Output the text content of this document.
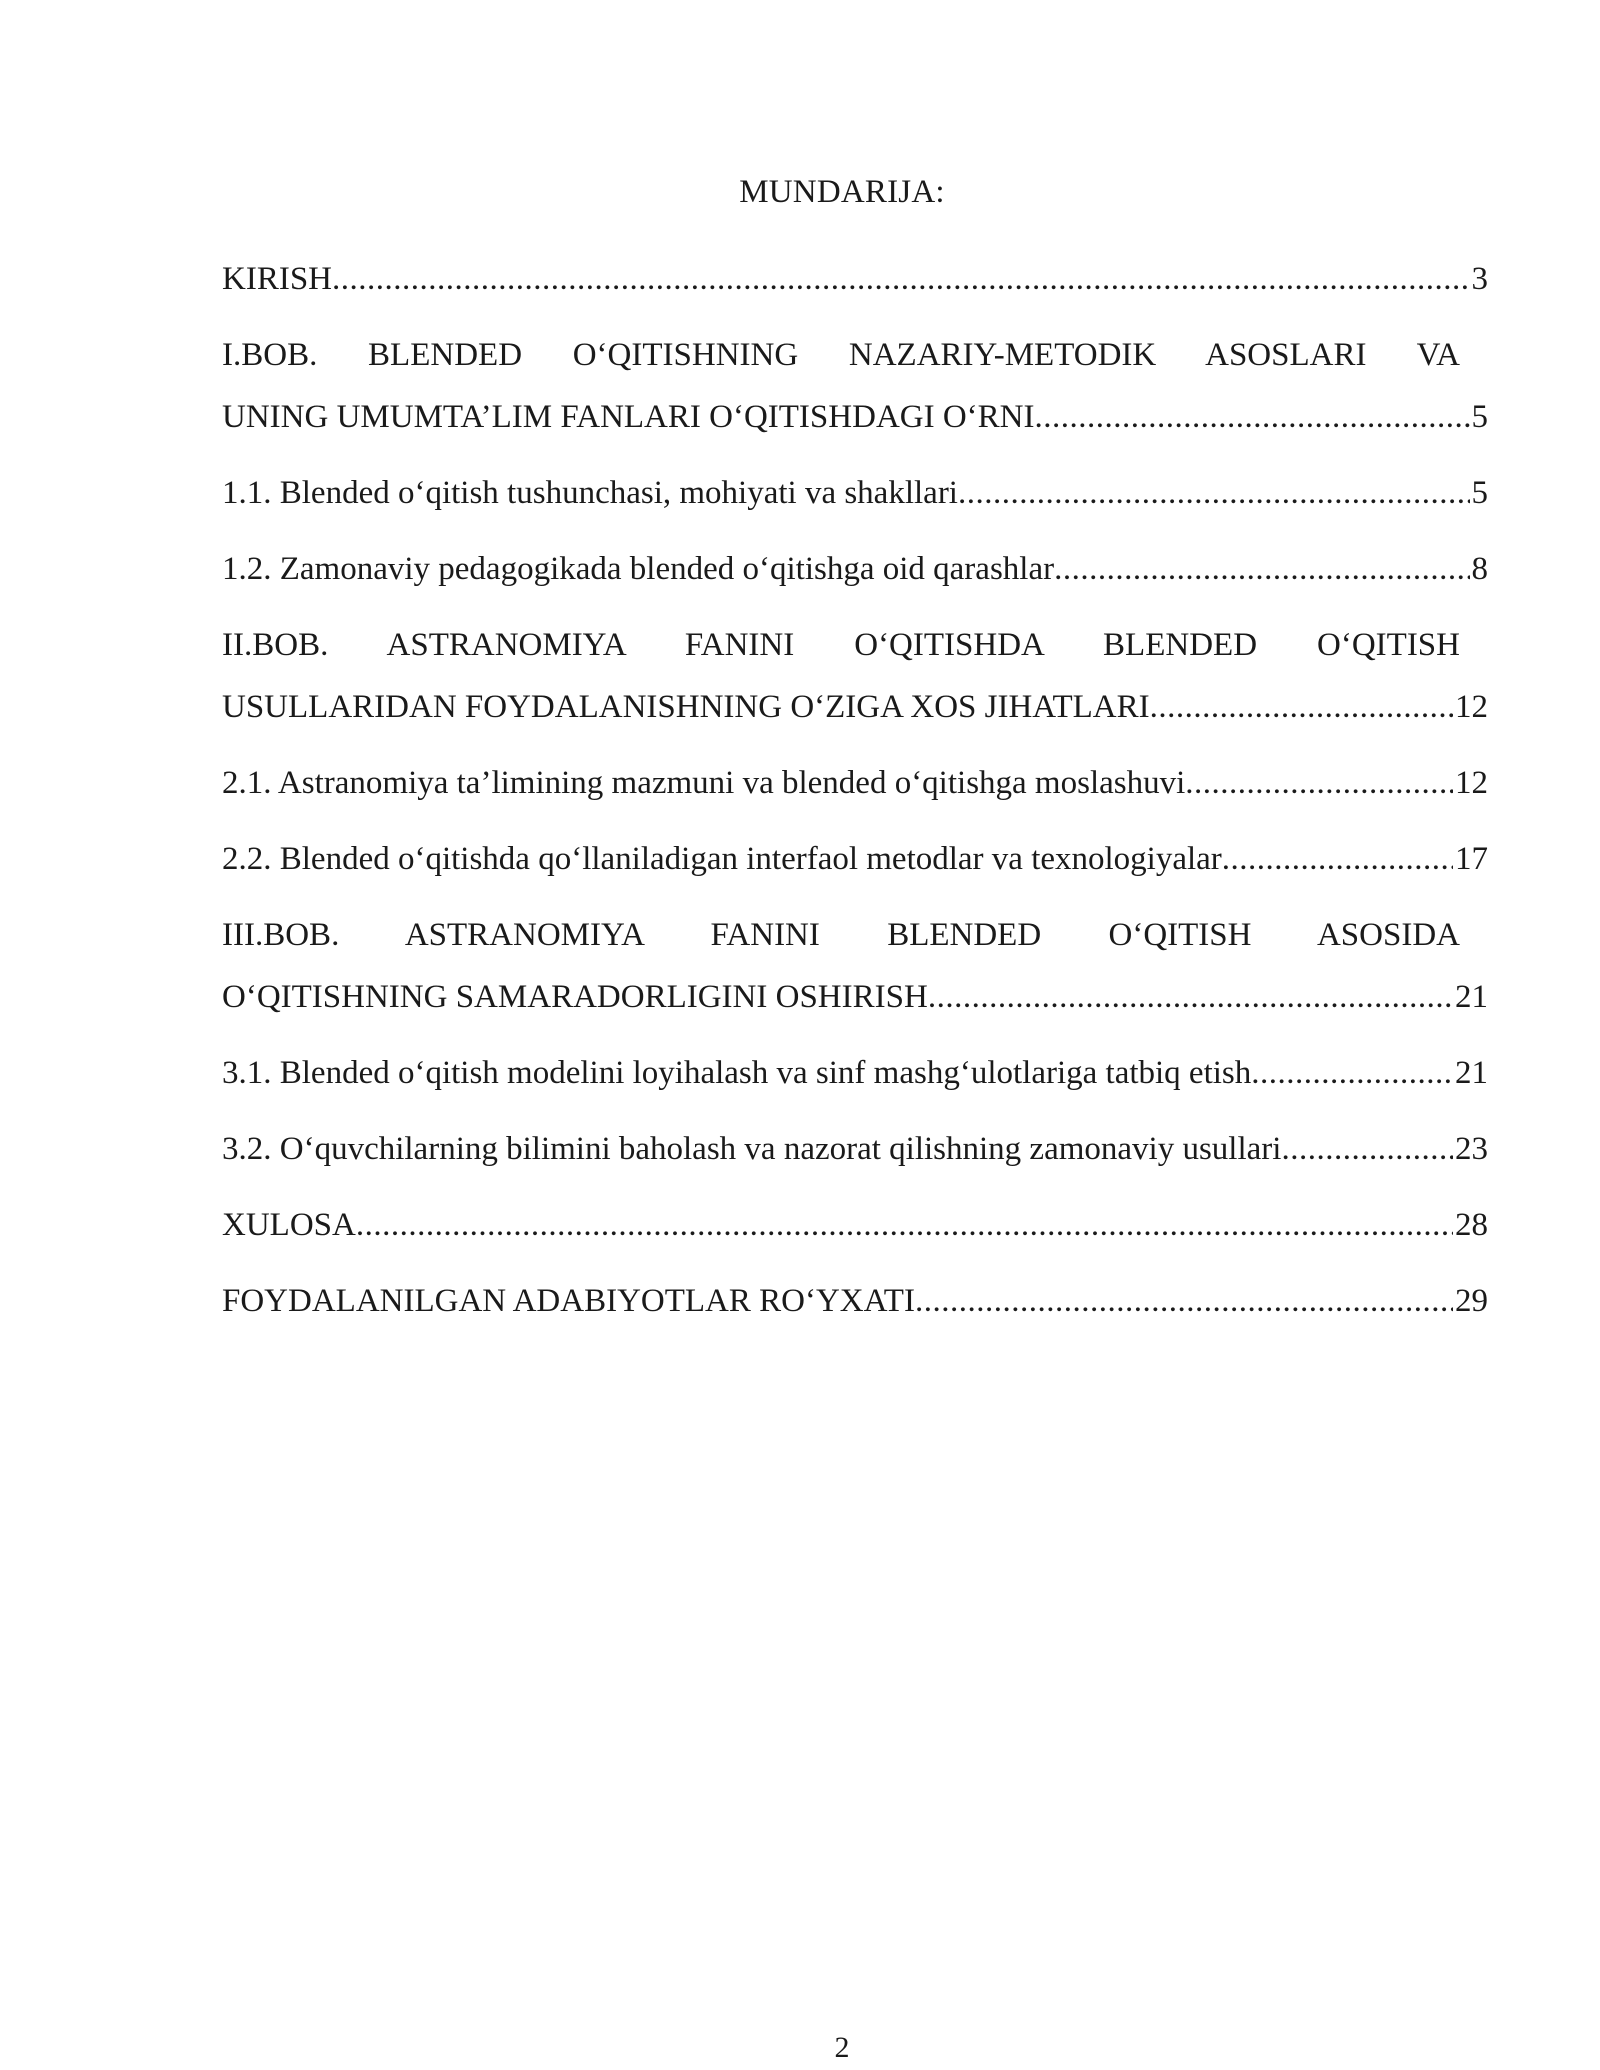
MUNDARIJA:
KIRISH .....	3
I.BOB. BLENDED O‘QITISHNING NAZARIY-METODIK ASOSLARI VA
UNING UMUMTA’LIM FANLARI O‘QITISHDAGI O‘RNI .....	5
1.1. Blended o‘qitish tushunchasi, mohiyati va shakllari .....	5
1.2. Zamonaviy pedagogikada blended o‘qitishga oid qarashlar .....	8
II.BOB. ASTRANOMIYA FANINI O‘QITISHDA BLENDED O‘QITISH
USULLARIDAN FOYDALANISHNING O‘ZIGA XOS JIHATLARI .....	12
2.1. Astranomiya ta’limining mazmuni va blended o‘qitishga moslashuvi .....	12
2.2. Blended o‘qitishda qo‘llaniladigan interfaol metodlar va texnologiyalar .....	17
III.BOB. ASTRANOMIYA FANINI BLENDED O‘QITISH ASOSIDA
O‘QITISHNING SAMARADORLIGINI OSHIRISH .....	21
3.1. Blended o‘qitish modelini loyihalash va sinf mashg‘ulotlariga tatbiq etish .....	21
3.2. O‘quvchilarning bilimini baholash va nazorat qilishning zamonaviy usullari .....	23
XULOSA .....	28
FOYDALANILGAN ADABIYOTLAR RO‘YXATI .....	29
2
